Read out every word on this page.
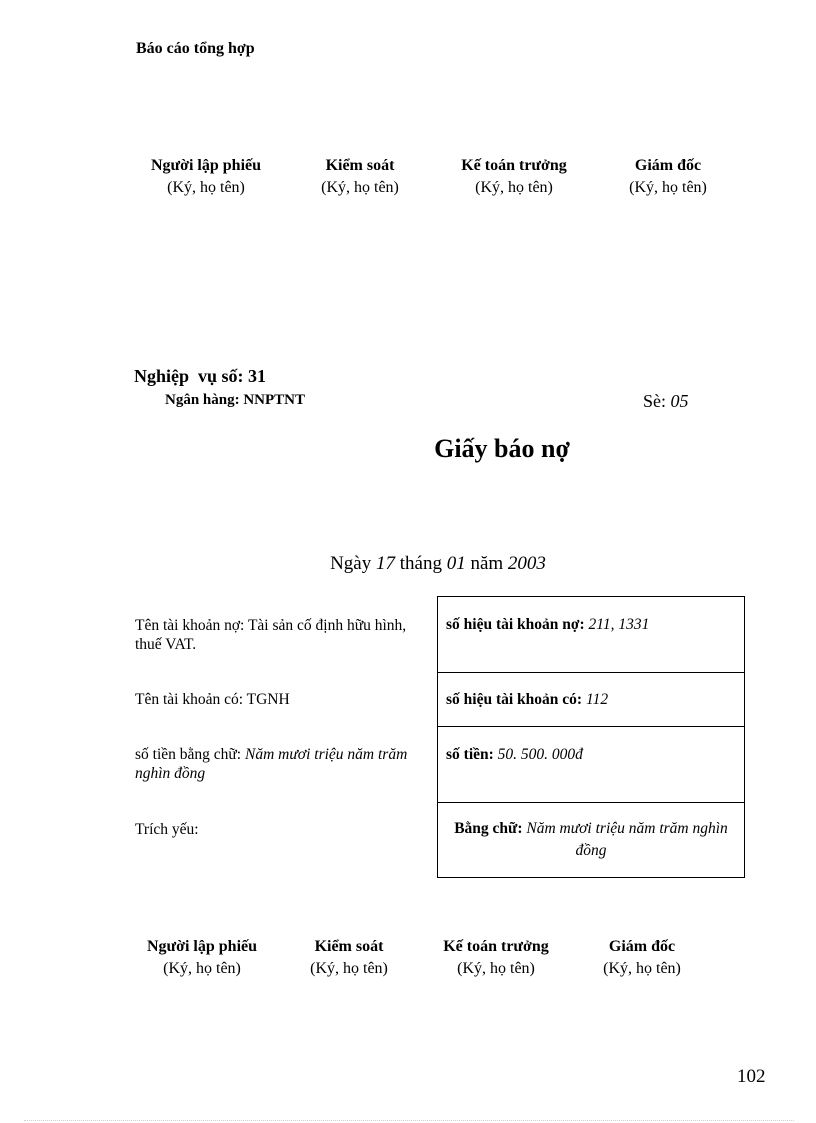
Báo cáo tổng hợp
Người lập phiếu
(Ký, họ tên)
Kiểm soát
(Ký, họ tên)
Kế toán trưởng
(Ký, họ tên)
Giám đốc
(Ký, họ tên)
Nghiệp  vụ số: 31
Ngân hàng: NNPTNT	Sè: 05
Giấy báo nợ
Ngày 17 tháng 01 năm 2003
Tên tài khoản nợ: Tài sản cố định hữu hình, thuế VAT.
Tên tài khoản có: TGNH
số tiền bằng chữ: Năm mươi triệu năm trăm nghìn đồng
Trích yếu:
số hiệu tài khoản nợ: 211, 1331
số hiệu tài khoản có: 112
số tiền: 50. 500. 000đ
Bằng chữ: Năm mươi triệu năm trăm nghìn đồng
Người lập phiếu
(Ký, họ tên)
Kiểm soát
(Ký, họ tên)
Kế toán trưởng
(Ký, họ tên)
Giám đốc
(Ký, họ tên)
102
